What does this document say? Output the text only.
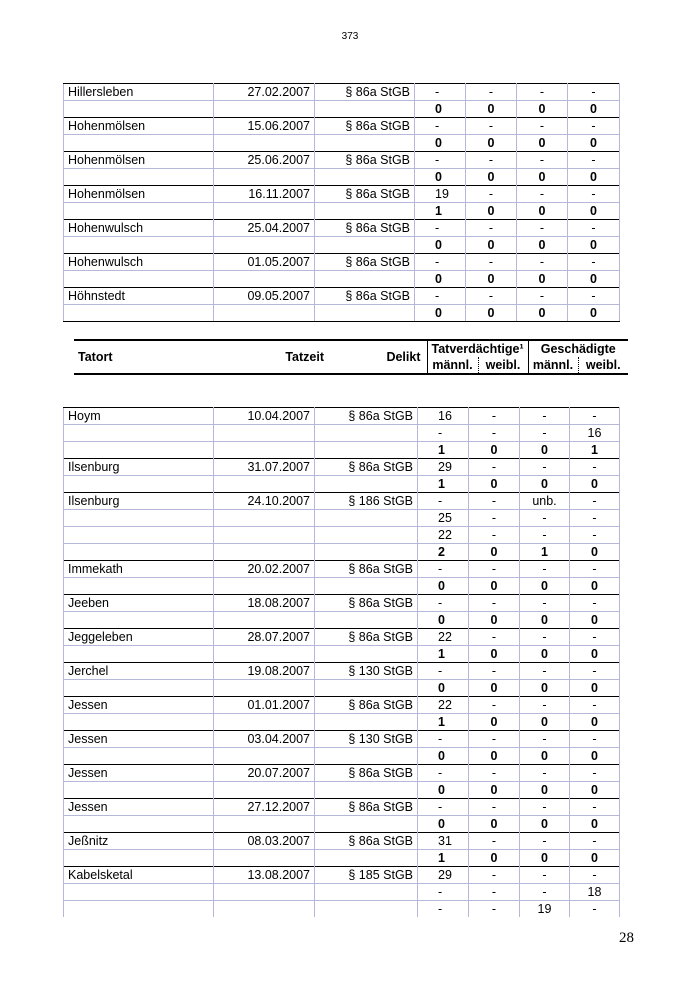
373
Hillersleben	27.02.2007	§ 86a StGB	-	-	-	-
			0	0	0	0
Hohenmölsen	15.06.2007	§ 86a StGB	-	-	-	-
			0	0	0	0
Hohenmölsen	25.06.2007	§ 86a StGB	-	-	-	-
			0	0	0	0
Hohenmölsen	16.11.2007	§ 86a StGB	19	-	-	-
			1	0	0	0
Hohenwulsch	25.04.2007	§ 86a StGB	-	-	-	-
			0	0	0	0
Hohenwulsch	01.05.2007	§ 86a StGB	-	-	-	-
			0	0	0	0
Höhnstedt	09.05.2007	§ 86a StGB	-	-	-	-
			0	0	0	0
Tatort	Tatzeit	Delikt	Tatverdächtige¹		Geschädigte	
			männl.	weibl.	männl.	weibl.
Hoym	10.04.2007	§ 86a StGB	16	-	-	-
			-	-	-	16
			1	0	0	1
Ilsenburg	31.07.2007	§ 86a StGB	29	-	-	-
			1	0	0	0
Ilsenburg	24.10.2007	§ 186 StGB	-	-	unb.	-
			25	-	-	-
			22	-	-	-
			2	0	1	0
Immekath	20.02.2007	§ 86a StGB	-	-	-	-
			0	0	0	0
Jeeben	18.08.2007	§ 86a StGB	-	-	-	-
			0	0	0	0
Jeggeleben	28.07.2007	§ 86a StGB	22	-	-	-
			1	0	0	0
Jerchel	19.08.2007	§ 130 StGB	-	-	-	-
			0	0	0	0
Jessen	01.01.2007	§ 86a StGB	22	-	-	-
			1	0	0	0
Jessen	03.04.2007	§ 130 StGB	-	-	-	-
			0	0	0	0
Jessen	20.07.2007	§ 86a StGB	-	-	-	-
			0	0	0	0
Jessen	27.12.2007	§ 86a StGB	-	-	-	-
			0	0	0	0
Jeßnitz	08.03.2007	§ 86a StGB	31	-	-	-
			1	0	0	0
Kabelsketal	13.08.2007	§ 185 StGB	29	-	-	-
			-	-	-	18
			-	-	19	-
28
